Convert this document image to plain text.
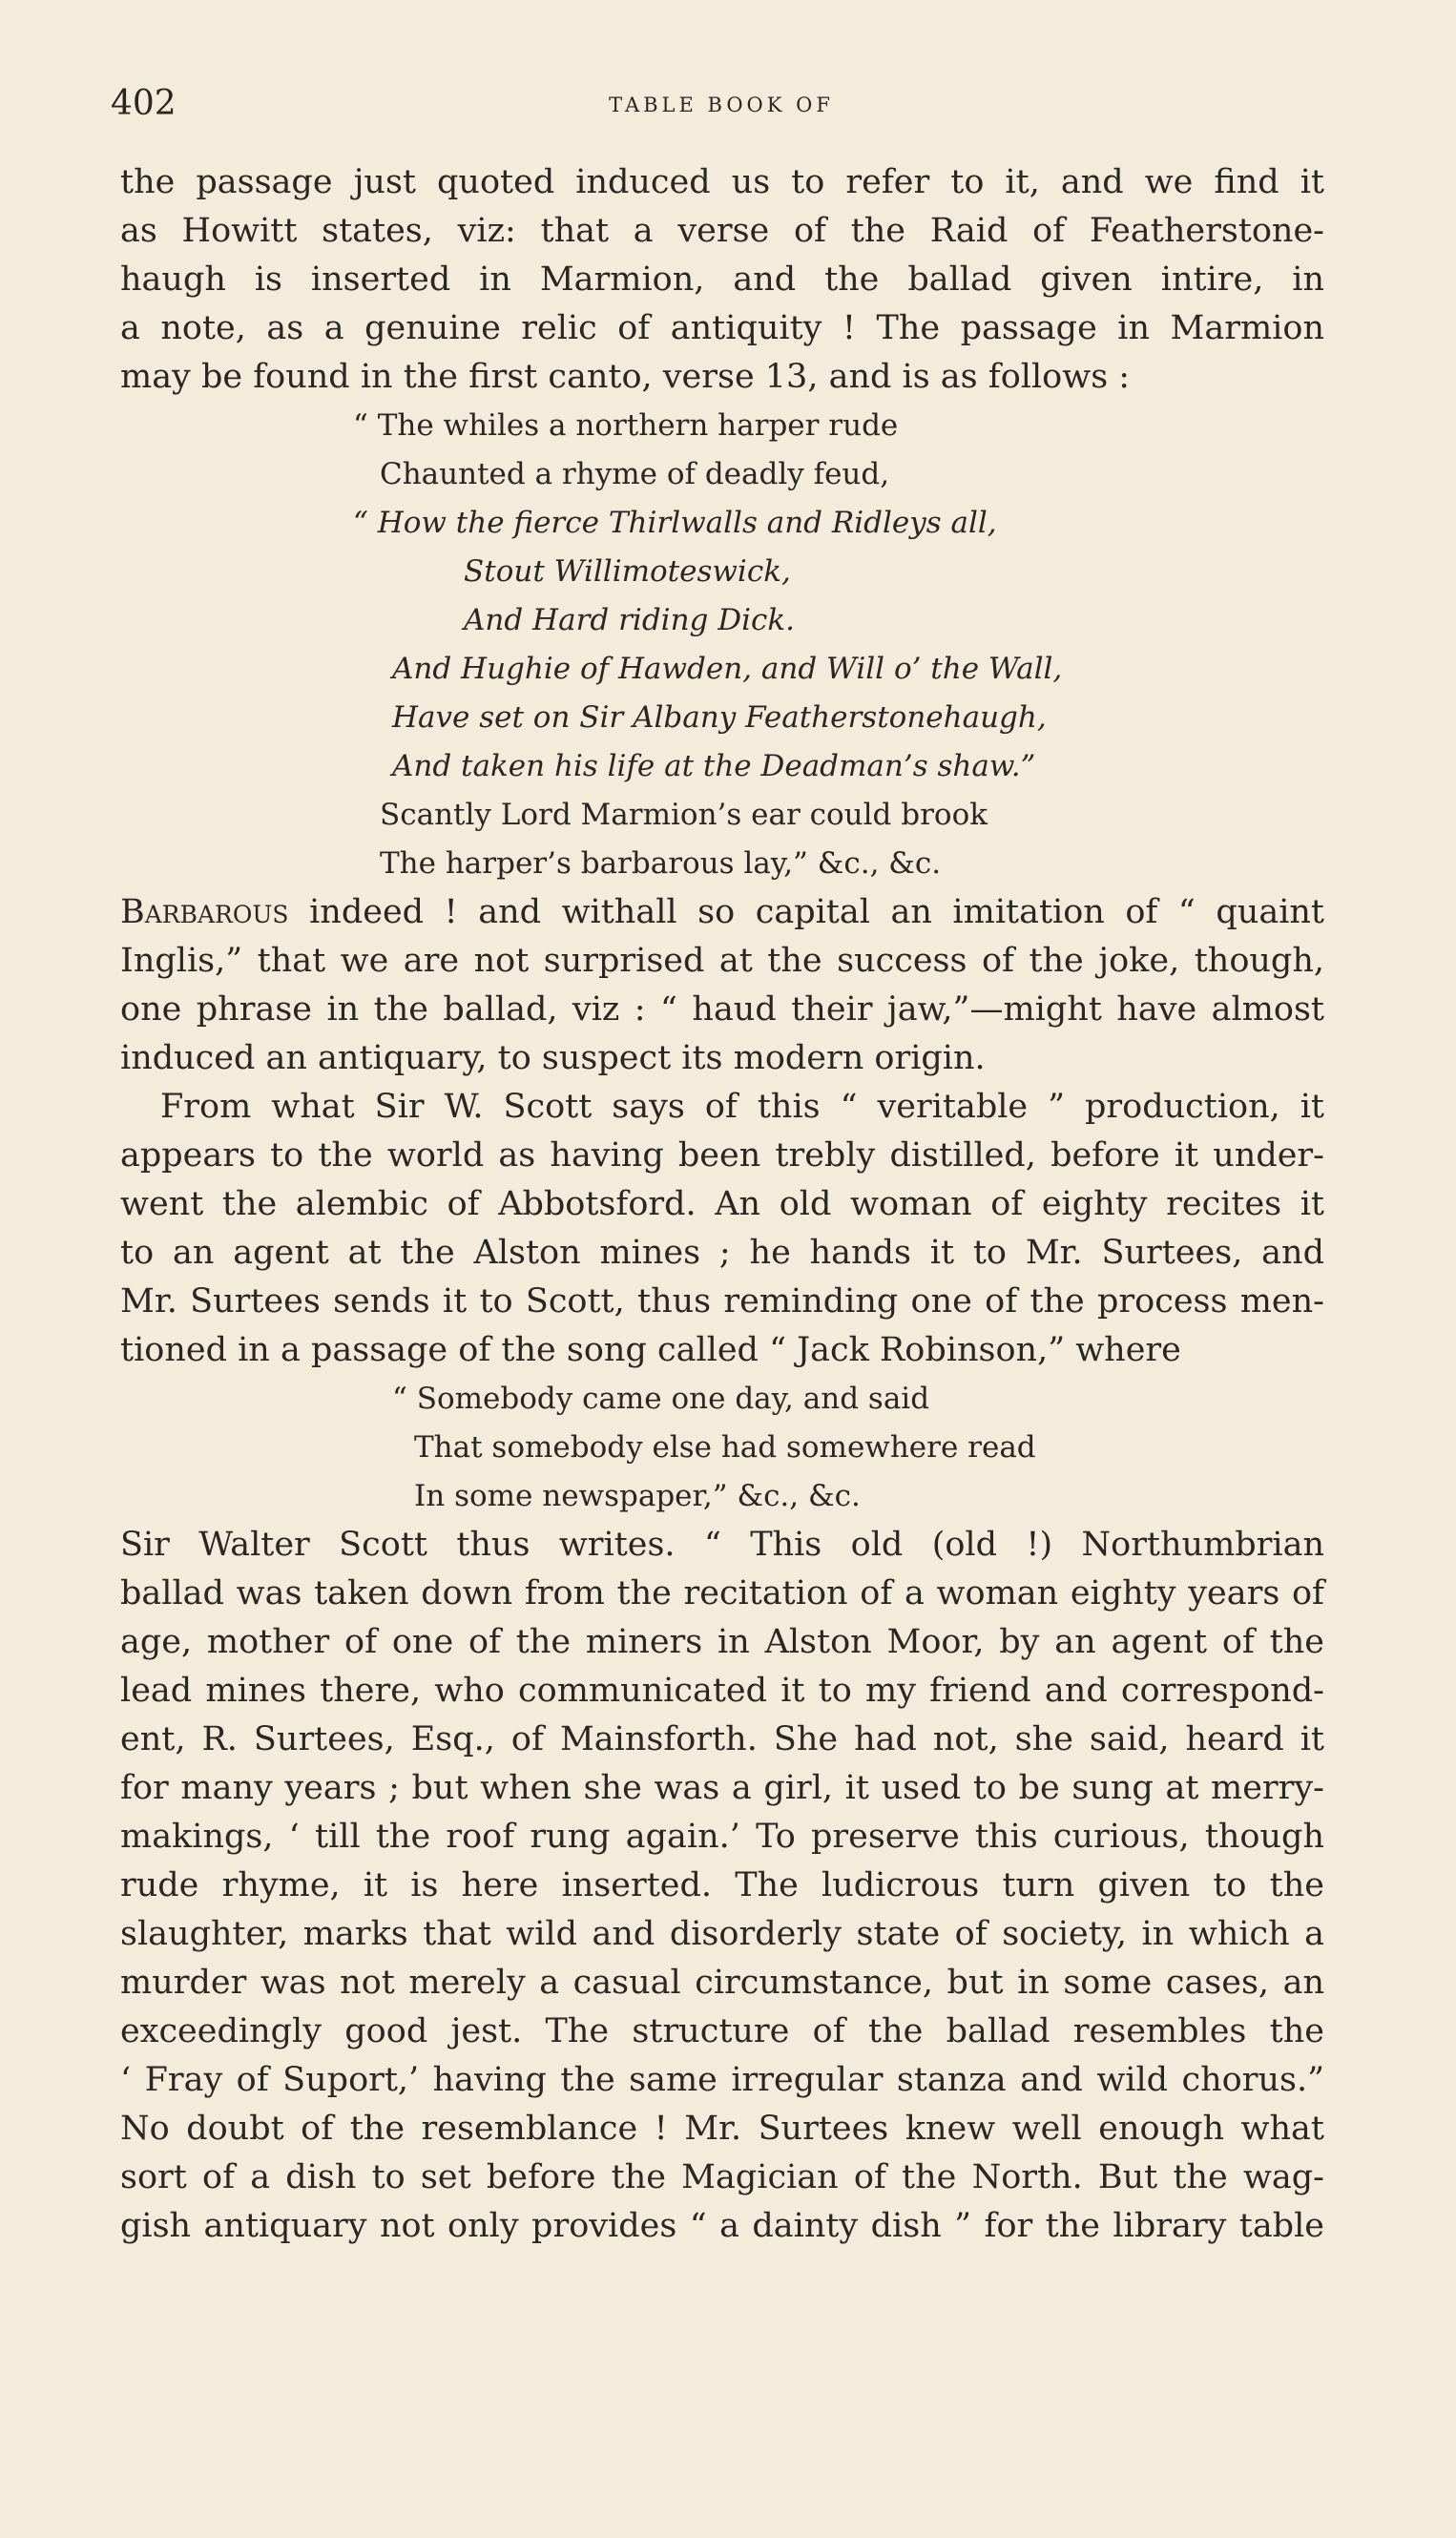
402	TABLE BOOK OF
the passage just quoted induced us to refer to it, and we find it
as Howitt states, viz: that a verse of the Raid of Featherstone-
haugh is inserted in Marmion, and the ballad given intire, in
a note, as a genuine relic of antiquity ! The passage in Marmion
may be found in the first canto, verse 13, and is as follows :
“ The whiles a northern harper rude
Chaunted a rhyme of deadly feud,
“ How the fierce Thirlwalls and Ridleys all,
Stout Willimoteswick,
And Hard riding Dick.
And Hughie of Hawden, and Will o’ the Wall,
Have set on Sir Albany Featherstonehaugh,
And taken his life at the Deadman’s shaw.”
Scantly Lord Marmion’s ear could brook
The harper’s barbarous lay,” &c., &c.
Barbarous indeed ! and withall so capital an imitation of “ quaint
Inglis,” that we are not surprised at the success of the joke, though,
one phrase in the ballad, viz : “ haud their jaw,”—might have almost
induced an antiquary, to suspect its modern origin.
From what Sir W. Scott says of this “ veritable ” production, it
appears to the world as having been trebly distilled, before it under-
went the alembic of Abbotsford. An old woman of eighty recites it
to an agent at the Alston mines ; he hands it to Mr. Surtees, and
Mr. Surtees sends it to Scott, thus reminding one of the process men-
tioned in a passage of the song called “ Jack Robinson,” where
“ Somebody came one day, and said
That somebody else had somewhere read
In some newspaper,” &c., &c.
Sir Walter Scott thus writes. “ This old (old !) Northumbrian
ballad was taken down from the recitation of a woman eighty years of
age, mother of one of the miners in Alston Moor, by an agent of the
lead mines there, who communicated it to my friend and correspond-
ent, R. Surtees, Esq., of Mainsforth. She had not, she said, heard it
for many years ; but when she was a girl, it used to be sung at merry-
makings, ‘ till the roof rung again.’ To preserve this curious, though
rude rhyme, it is here inserted. The ludicrous turn given to the
slaughter, marks that wild and disorderly state of society, in which a
murder was not merely a casual circumstance, but in some cases, an
exceedingly good jest. The structure of the ballad resembles the
‘ Fray of Suport,’ having the same irregular stanza and wild chorus.”
No doubt of the resemblance ! Mr. Surtees knew well enough what
sort of a dish to set before the Magician of the North. But the wag-
gish antiquary not only provides “ a dainty dish ” for the library table
